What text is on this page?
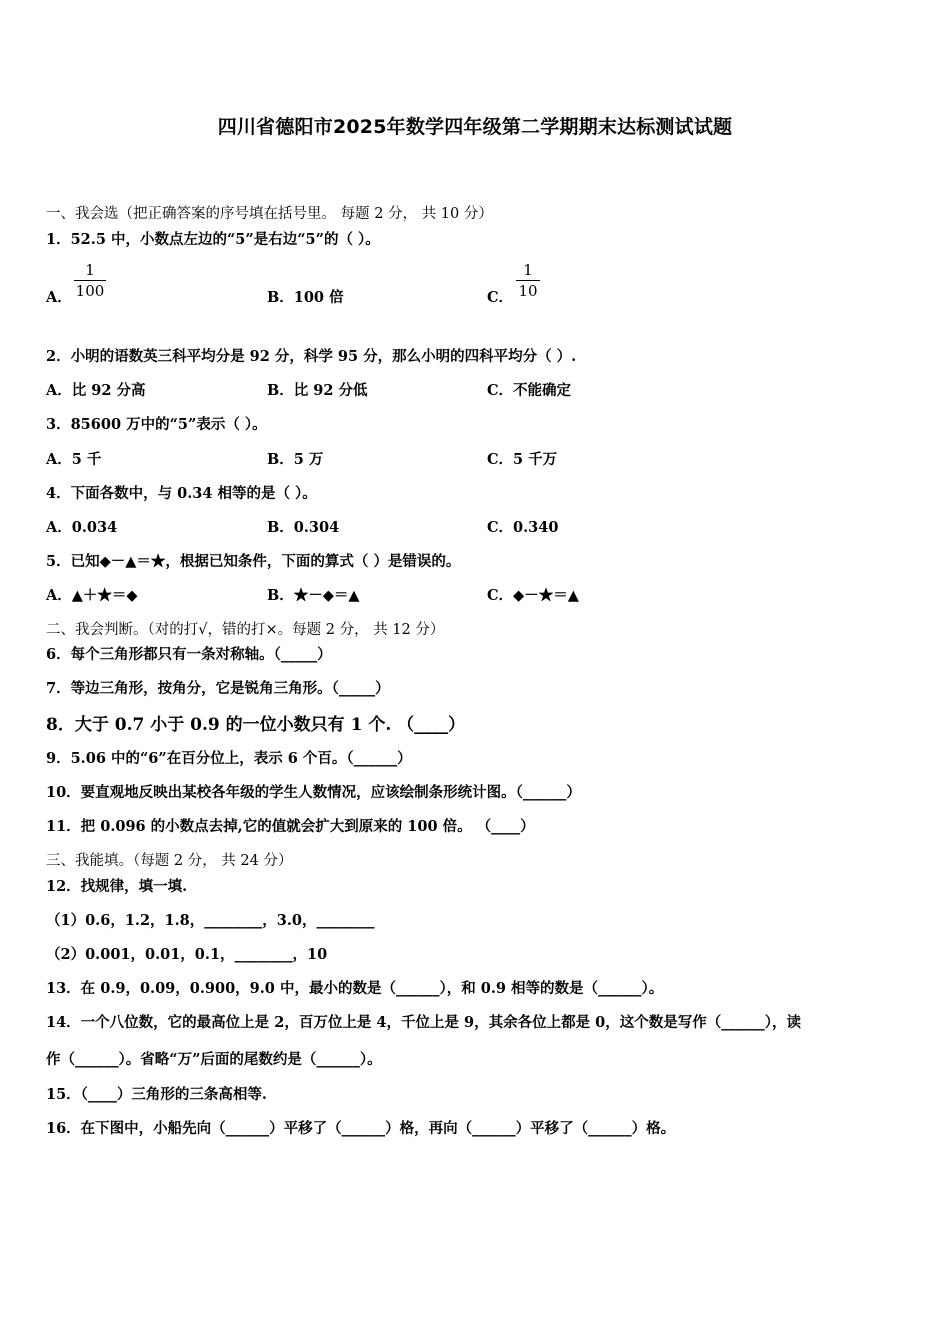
四川省德阳市2025年数学四年级第二学期期末达标测试试题
一、我会选（把正确答案的序号填在括号里。 每题 2 分， 共 10 分）
1．52.5 中，小数点左边的“5”是右边“5”的（ ）。
A．
1
100	B．100 倍	C．
1
10
2．小明的语数英三科平均分是 92 分，科学 95 分，那么小明的四科平均分（ ）.
A．比 92 分高	B．比 92 分低	C．不能确定
3．85600 万中的“5”表示（ ）。
A．5 千	B．5 万	C．5 千万
4．下面各数中，与 0.34 相等的是（ ）。
A．0.034	B．0.304	C．0.340
5．已知◆－▲＝★，根据已知条件，下面的算式（ ）是错误的。
A．▲＋★＝◆	B．★－◆＝▲	C．◆－★＝▲
二、我会判断。（对的打√，错的打×。每题 2 分， 共 12 分）
6．每个三角形都只有一条对称轴。（_____）
7．等边三角形，按角分，它是锐角三角形。（_____）
8．大于 0.7 小于 0.9 的一位小数只有 1 个. （____）
9．5.06 中的“6”在百分位上，表示 6 个百。（______）
10．要直观地反映出某校各年级的学生人数情况，应该绘制条形统计图。（______）
11．把 0.096 的小数点去掉,它的值就会扩大到原来的 100 倍。 （____）
三、我能填。（每题 2 分， 共 24 分）
12．找规律，填一填.
（1）0.6，1.2，1.8，________，3.0，________
（2）0.001，0.01，0.1，________，10
13．在 0.9，0.09，0.900，9.0 中，最小的数是（______），和 0.9 相等的数是（______）。
14．一个八位数，它的最高位上是 2，百万位上是 4，千位上是 9，其余各位上都是 0，这个数是写作（______），读
作（______）。省略“万”后面的尾数约是（______）。
15．（____）三角形的三条高相等.
16．在下图中，小船先向（______）平移了（______）格，再向（______）平移了（______）格。
